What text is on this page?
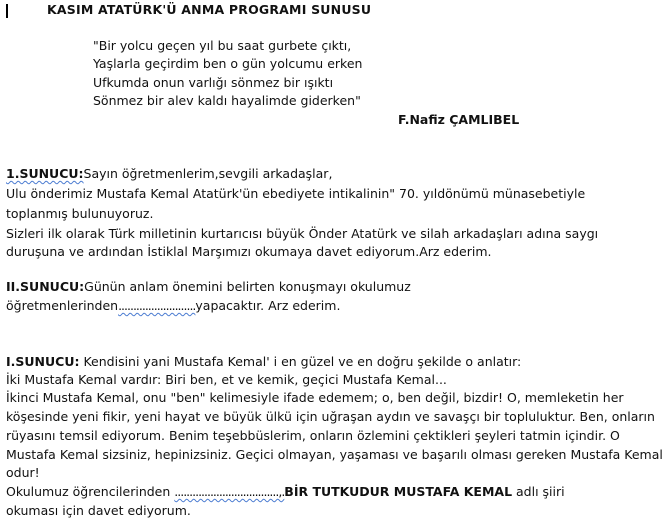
KASIM ATATÜRK'Ü ANMA PROGRAMI SUNUSU
"Bir yolcu geçen yıl bu saat gurbete çıktı,
Yaşlarla geçirdim ben o gün yolcumu erken
Ufkumda onun varlığı sönmez bir ışıktı
Sönmez bir alev kaldı hayalimde giderken"
F.Nafiz ÇAMLIBEL
1.SUNUCU:Sayın öğretmenlerim,sevgili arkadaşlar,
Ulu önderimiz Mustafa Kemal Atatürk'ün ebediyete intikalinin" 70. yıldönümü münasebetiyle
toplanmış bulunuyoruz.
Sizleri ilk olarak Türk milletinin kurtarıcısı büyük Önder Atatürk ve silah arkadaşları adına saygı
duruşuna ve ardından İstiklal Marşımızı okumaya davet ediyorum.Arz ederim.
II.SUNUCU:Günün anlam önemini belirten konuşmayı okulumuz
öğretmenlerinden..........................yapacaktır. Arz ederim.
I.SUNUCU: Kendisini yani Mustafa Kemal' i en güzel ve en doğru şekilde o anlatır:
İki Mustafa Kemal vardır: Biri ben, et ve kemik, geçici Mustafa Kemal...
İkinci Mustafa Kemal, onu "ben" kelimesiyle ifade edemem; o, ben değil, bizdir! O, memleketin her
köşesinde yeni fikir, yeni hayat ve büyük ülkü için uğraşan aydın ve savaşçı bir topluluktur. Ben, onların
rüyasını temsil ediyorum. Benim teşebbüslerim, onların özlemini çektikleri şeyleri tatmin içindir. O
Mustafa Kemal sizsiniz, hepinizsiniz. Geçici olmayan, yaşaması ve başarılı olması gereken Mustafa Kemal
odur!
Okulumuz öğrencilerinden ...................................,.BİR TUTKUDUR MUSTAFA KEMAL adlı şiiri
okuması için davet ediyorum.
